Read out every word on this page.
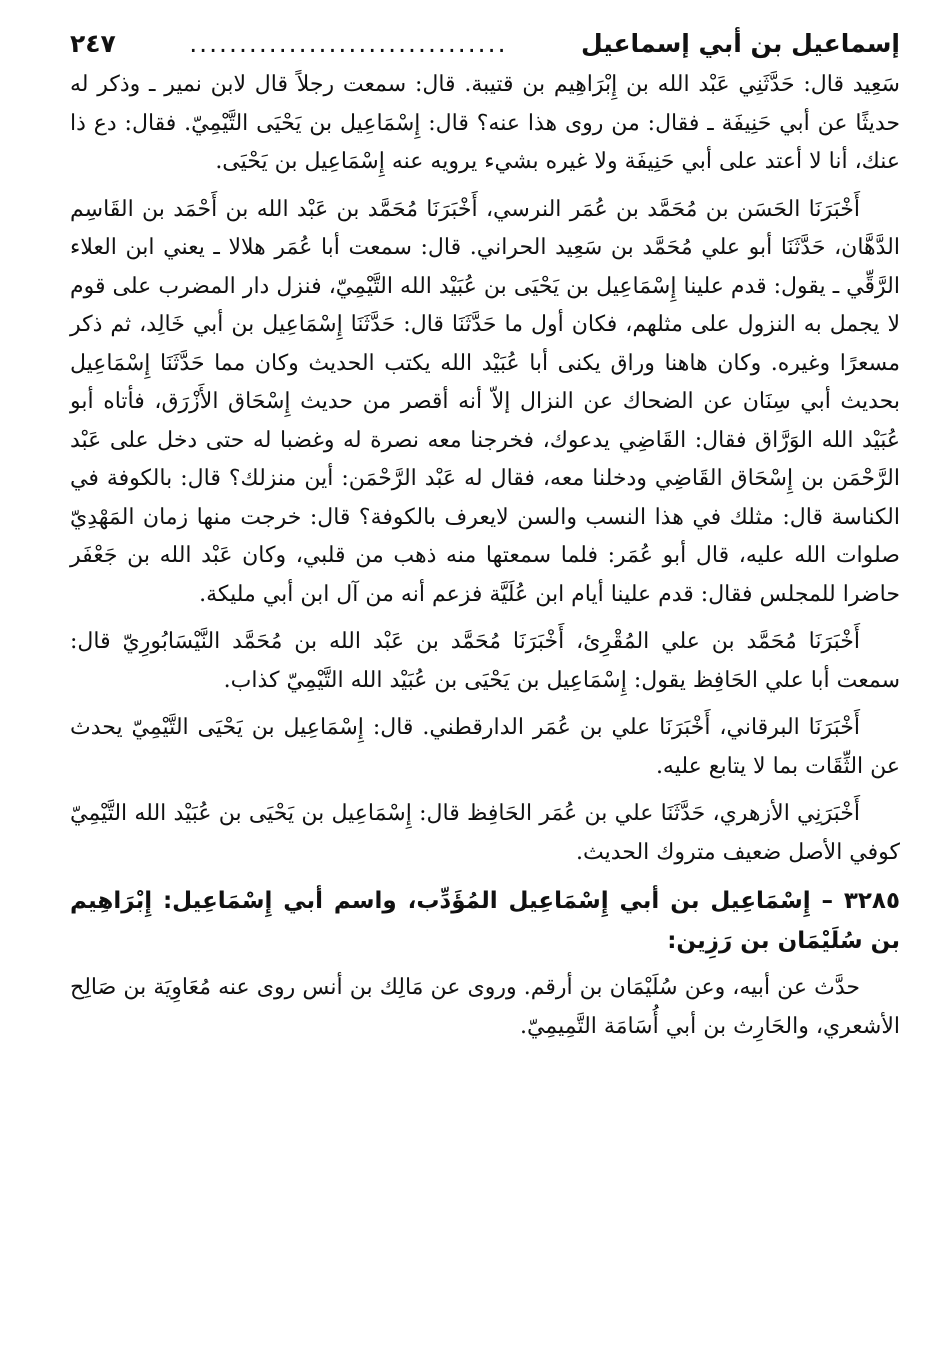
إسماعيل بن أبي إسماعيل
................................
٢٤٧

سَعِيد قال: حَدَّثَنِي عَبْد الله بن إِبْرَاهِيم بن قتيبة. قال: سمعت رجلاً قال لابن نمير ـ وذكر له حديثًا عن أبي حَنِيفَة ـ فقال: من روى هذا عنه؟ قال: إِسْمَاعِيل بن يَحْيَى التَّيْمِيّ. فقال: دع ذا عنك، أنا لا أعتد على أبي حَنِيفَة ولا غيره بشيء يرويه عنه إِسْمَاعِيل بن يَحْيَى.

أَخْبَرَنَا الحَسَن بن مُحَمَّد بن عُمَر النرسي، أَخْبَرَنَا مُحَمَّد بن عَبْد الله بن أَحْمَد بن القَاسِم الدَّهَّان، حَدَّثَنَا أبو علي مُحَمَّد بن سَعِيد الحراني. قال: سمعت أبا عُمَر هلالا ـ يعني ابن العلاء الرَّقِّي ـ يقول: قدم علينا إِسْمَاعِيل بن يَحْيَى بن عُبَيْد الله التَّيْمِيّ، فنزل دار المضرب على قوم لا يجمل به النزول على مثلهم، فكان أول ما حَدَّثَنَا قال: حَدَّثَنَا إِسْمَاعِيل بن أبي خَالِد، ثم ذكر مسعرًا وغيره. وكان هاهنا وراق يكنى أبا عُبَيْد الله يكتب الحديث وكان مما حَدَّثَنَا إِسْمَاعِيل بحديث أبي سِنَان عن الضحاك عن النزال إلاّ أنه أقصر من حديث إِسْحَاق الأَزْرَق، فأتاه أبو عُبَيْد الله الوَرَّاق فقال: القَاضِي يدعوك، فخرجنا معه نصرة له وغضبا له حتى دخل على عَبْد الرَّحْمَن بن إِسْحَاق القَاضِي ودخلنا معه، فقال له عَبْد الرَّحْمَن: أين منزلك؟ قال: بالكوفة في الكناسة قال: مثلك في هذا النسب والسن لايعرف بالكوفة؟ قال: خرجت منها زمان المَهْدِيّ صلوات الله عليه، قال أبو عُمَر: فلما سمعتها منه ذهب من قلبي، وكان عَبْد الله بن جَعْفَر حاضرا للمجلس فقال: قدم علينا أيام ابن عُلَيَّة فزعم أنه من آل ابن أبي مليكة.

أَخْبَرَنَا مُحَمَّد بن علي المُقْرِئ، أَخْبَرَنَا مُحَمَّد بن عَبْد الله بن مُحَمَّد النَّيْسَابُورِيّ قال: سمعت أبا علي الحَافِظ يقول: إِسْمَاعِيل بن يَحْيَى بن عُبَيْد الله التَّيْمِيّ كذاب.

أَخْبَرَنَا البرقاني، أَخْبَرَنَا علي بن عُمَر الدارقطني. قال: إِسْمَاعِيل بن يَحْيَى التَّيْمِيّ يحدث عن الثِّقَات بما لا يتابع عليه.

أَخْبَرَنِي الأزهري، حَدَّثَنَا علي بن عُمَر الحَافِظ قال: إِسْمَاعِيل بن يَحْيَى بن عُبَيْد الله التَّيْمِيّ كوفي الأصل ضعيف متروك الحديث.

٣٢٨٥ – إِسْمَاعِيل بن أبي إِسْمَاعِيل المُؤَدِّب، واسم أبي إِسْمَاعِيل: إِبْرَاهِيم بن سُلَيْمَان بن رَزِين:

حدَّث عن أبيه، وعن سُلَيْمَان بن أرقم. وروى عن مَالِك بن أنس روى عنه مُعَاوِيَة بن صَالِح الأشعري، والحَارِث بن أبي أُسَامَة التَّمِيمِيّ.
